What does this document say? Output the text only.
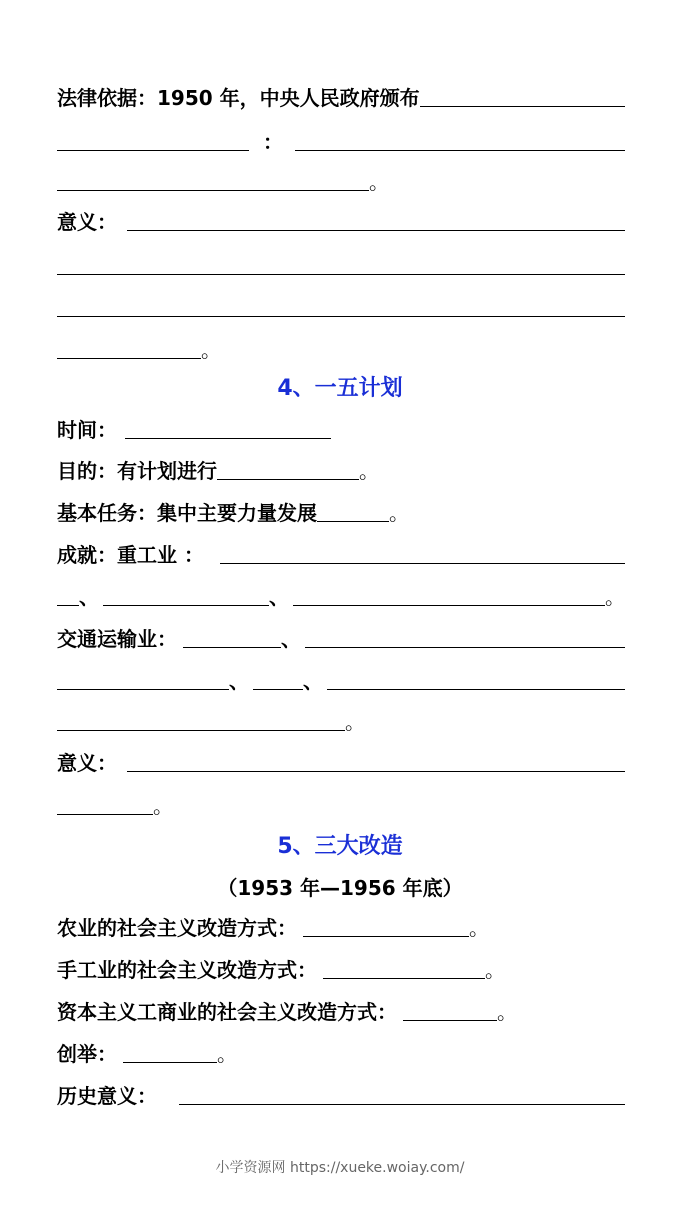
法律依据：1950 年，中央人民政府颁布
：
。
意义：
。
4、一五计划
时间：
目的：有计划进行	。
基本任务：集中主要力量发展	。
成就：重工业 ：
、	、	。
交通运输业：	、
、	、
。
意义：
。
5、三大改造
（1953 年—1956 年底）
农业的社会主义改造方式：	。
手工业的社会主义改造方式：	。
资本主义工商业的社会主义改造方式：	。
创举：	。
历史意义：
小学资源网 https://xueke.woiay.com/
